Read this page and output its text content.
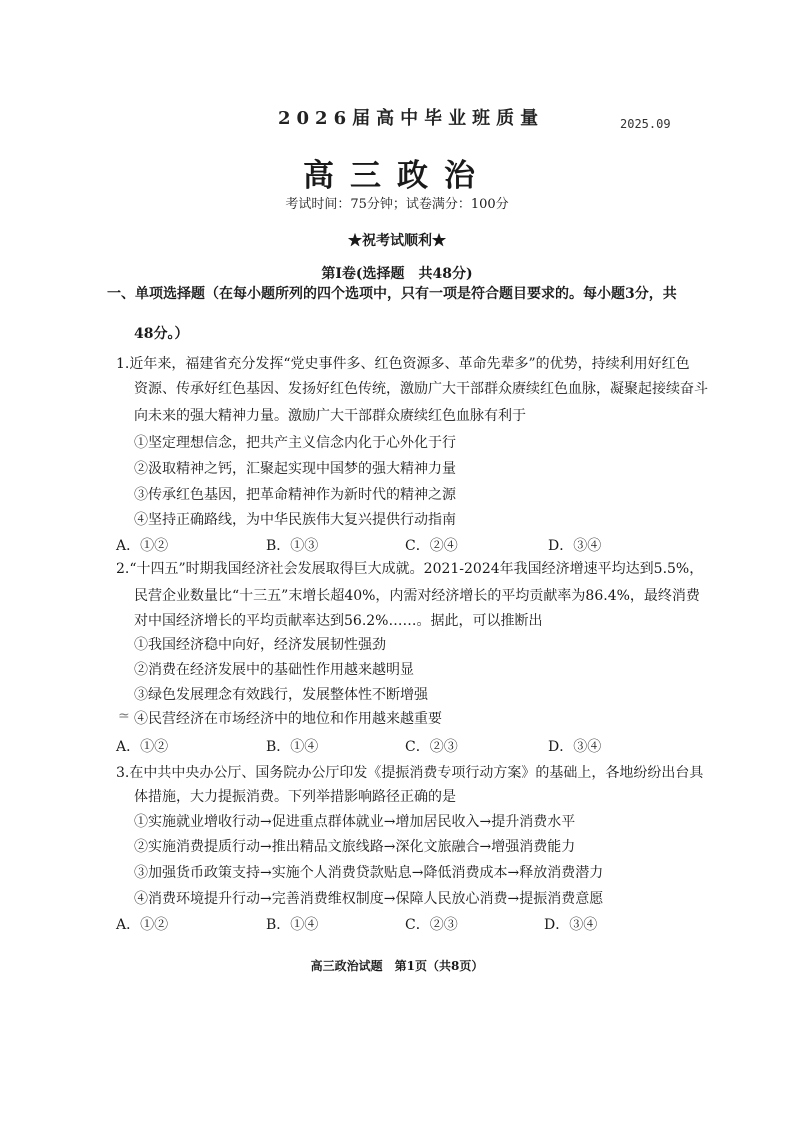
2026届高中毕业班质量	2025.09
高三政治
考试时间：75分钟；试卷满分：100分
★祝考试顺利★
第Ⅰ卷(选择题　共48分)
一、单项选择题（在每小题所列的四个选项中，只有一项是符合题目要求的。每小题3分，共
48分。）
1.近年来，福建省充分发挥“党史事件多、红色资源多、革命先辈多”的优势，持续利用好红色
资源、传承好红色基因、发扬好红色传统，激励广大干部群众赓续红色血脉，凝聚起接续奋斗
向未来的强大精神力量。激励广大干部群众赓续红色血脉有利于
①坚定理想信念，把共产主义信念内化于心外化于行
②汲取精神之钙，汇聚起实现中国梦的强大精神力量
③传承红色基因，把革命精神作为新时代的精神之源
④坚持正确路线，为中华民族伟大复兴提供行动指南
A．①②	B．①③	C．②④	D．③④
2.“十四五”时期我国经济社会发展取得巨大成就。2021-2024年我国经济增速平均达到5.5%，
民营企业数量比“十三五”末增长超40%，内需对经济增长的平均贡献率为86.4%，最终消费
对中国经济增长的平均贡献率达到56.2%……。据此，可以推断出
①我国经济稳中向好，经济发展韧性强劲
②消费在经济发展中的基础性作用越来越明显
③绿色发展理念有效践行，发展整体性不断增强
≃ ④民营经济在市场经济中的地位和作用越来越重要
A．①②	B．①④	C．②③	D．③④
3.在中共中央办公厅、国务院办公厅印发《提振消费专项行动方案》的基础上，各地纷纷出台具
体措施，大力提振消费。下列举措影响路径正确的是
①实施就业增收行动→促进重点群体就业→增加居民收入→提升消费水平
②实施消费提质行动→推出精品文旅线路→深化文旅融合→增强消费能力
③加强货币政策支持→实施个人消费贷款贴息→降低消费成本→释放消费潜力
④消费环境提升行动→完善消费维权制度→保障人民放心消费→提振消费意愿
A．①②	B．①④	C．②③	D．③④
高三政治试题　第1页（共8页）
